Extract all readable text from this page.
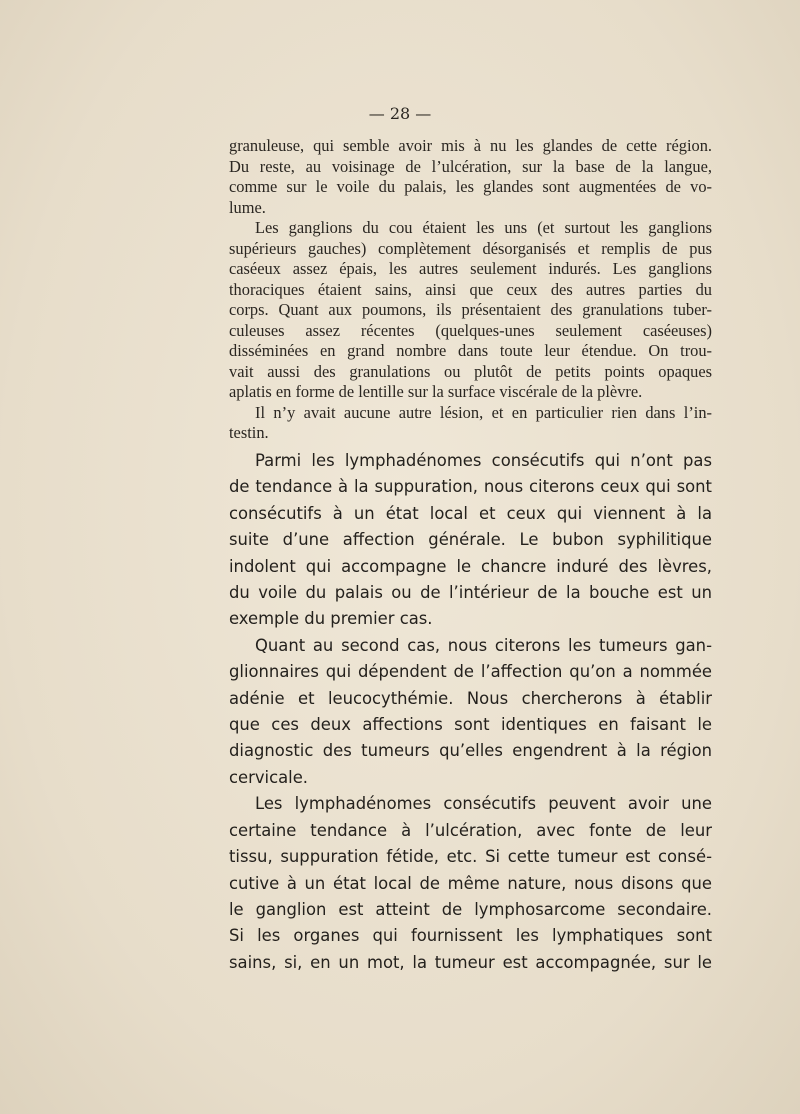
— 28 —
granuleuse, qui semble avoir mis à nu les glandes de cette région.
Du reste, au voisinage de l’ulcération, sur la base de la langue,
comme sur le voile du palais, les glandes sont augmentées de vo-
lume.
Les ganglions du cou étaient les uns (et surtout les ganglions
supérieurs gauches) complètement désorganisés et remplis de pus
caséeux assez épais, les autres seulement indurés. Les ganglions
thoraciques étaient sains, ainsi que ceux des autres parties du
corps. Quant aux poumons, ils présentaient des granulations tuber-
culeuses assez récentes (quelques-unes seulement caséeuses)
disséminées en grand nombre dans toute leur étendue. On trou-
vait aussi des granulations ou plutôt de petits points opaques
aplatis en forme de lentille sur la surface viscérale de la plèvre.
Il n’y avait aucune autre lésion, et en particulier rien dans l’in-
testin.
Parmi les lymphadénomes consécutifs qui n’ont pas
de tendance à la suppuration, nous citerons ceux qui sont
consécutifs à un état local et ceux qui viennent à la
suite d’une affection générale. Le bubon syphilitique
indolent qui accompagne le chancre induré des lèvres,
du voile du palais ou de l’intérieur de la bouche est un
exemple du premier cas.
Quant au second cas, nous citerons les tumeurs gan-
glionnaires qui dépendent de l’affection qu’on a nommée
adénie et leucocythémie. Nous chercherons à établir
que ces deux affections sont identiques en faisant le
diagnostic des tumeurs qu’elles engendrent à la région
cervicale.
Les lymphadénomes consécutifs peuvent avoir une
certaine tendance à l’ulcération, avec fonte de leur
tissu, suppuration fétide, etc. Si cette tumeur est consé-
cutive à un état local de même nature, nous disons que
le ganglion est atteint de lymphosarcome secondaire.
Si les organes qui fournissent les lymphatiques sont
sains, si, en un mot, la tumeur est accompagnée, sur le
